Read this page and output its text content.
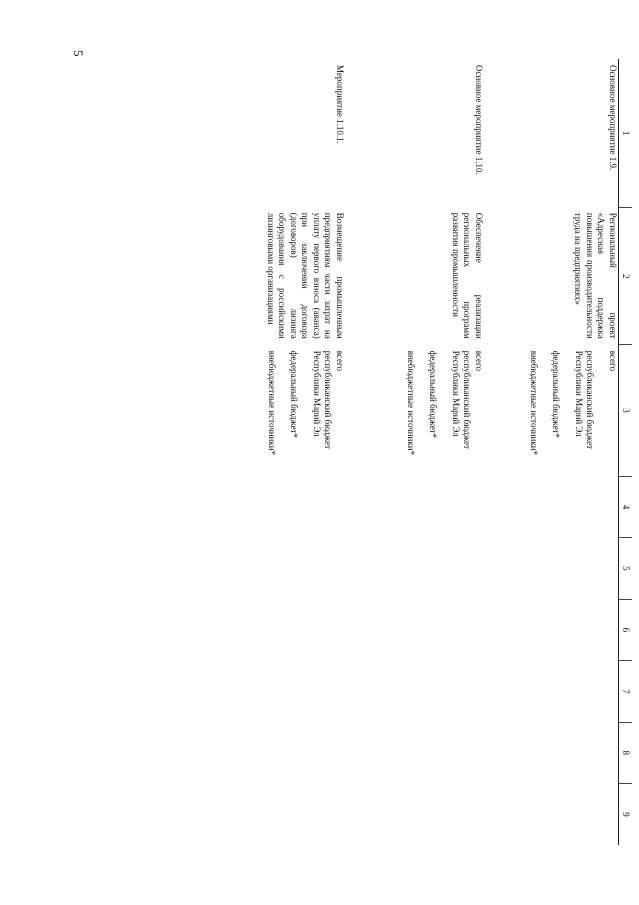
5
1	2	3	4	5	6	7	8	9
Основное мероприятие 1.9.	Региональный проект «Адресная поддержка повышения производительности труда на предприятиях»	всего
республиканский бюджет Республики Марий Эл
федеральный бюджет*
внебюджетные источники*						

Основное мероприятие 1.10.	Обеспечение реализации региональных программ развития промышленности	всего
республиканский бюджет Республики Марий Эл
федеральный бюджет*
внебюджетные источники*						

Мероприятие 1.10.1.	Возмещение промышленным предприятиям части затрат на уплату первого взноса (аванса) при заключении договора (договоров) лизинга оборудования с российскими лизинговыми организациями	всего
республиканский бюджет Республики Марий Эл
федеральный бюджет*
внебюджетные источники*						
